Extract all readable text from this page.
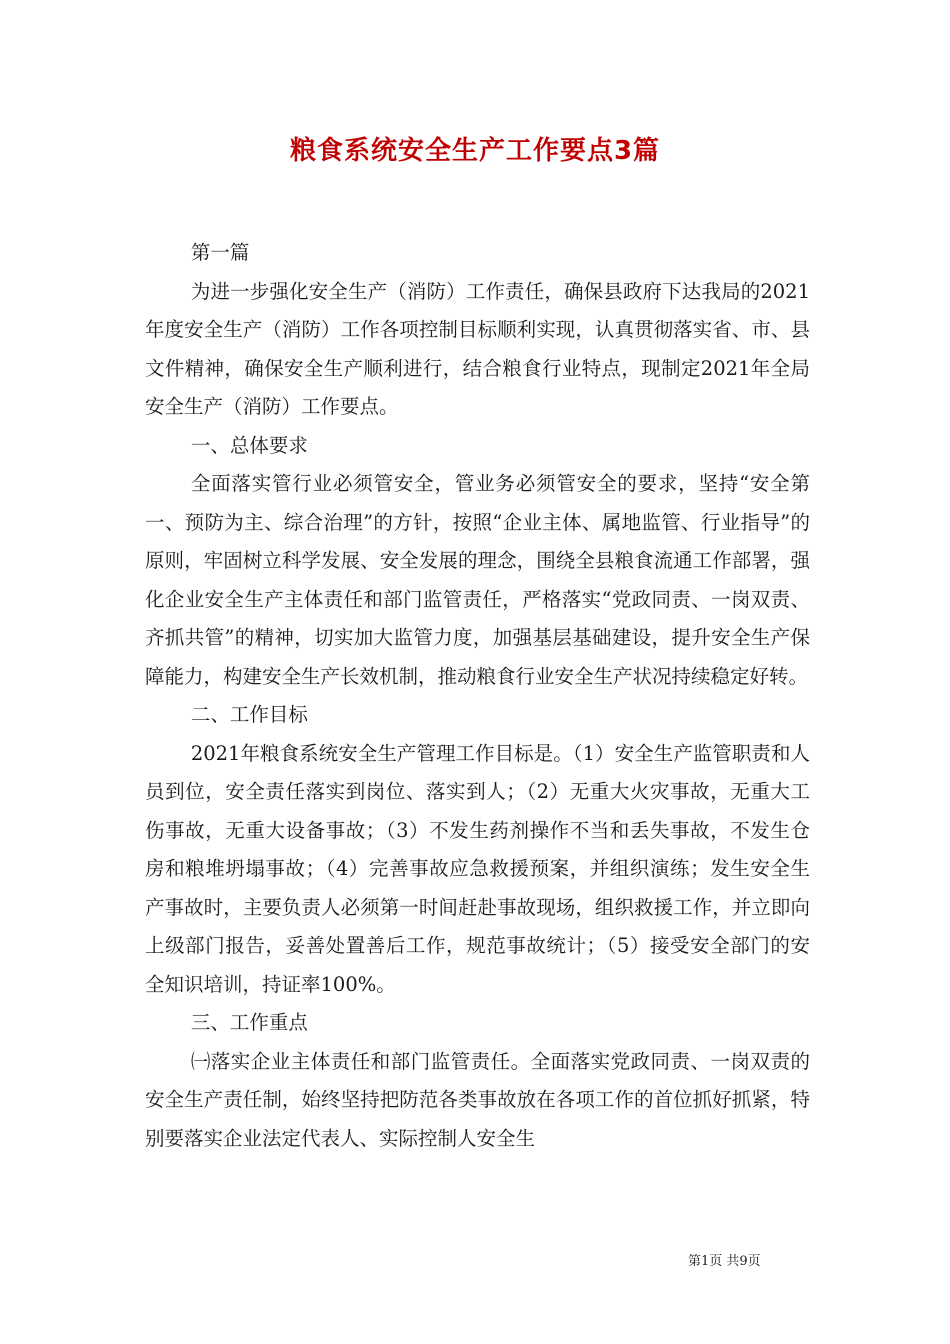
粮食系统安全生产工作要点3篇

第一篇

为进一步强化安全生产（消防）工作责任，确保县政府下达我局的2021年度安全生产（消防）工作各项控制目标顺利实现，认真贯彻落实省、市、县文件精神，确保安全生产顺利进行，结合粮食行业特点，现制定2021年全局安全生产（消防）工作要点。

一、总体要求

全面落实管行业必须管安全，管业务必须管安全的要求，坚持“安全第一、预防为主、综合治理”的方针，按照“企业主体、属地监管、行业指导”的原则，牢固树立科学发展、安全发展的理念，围绕全县粮食流通工作部署，强化企业安全生产主体责任和部门监管责任，严格落实“党政同责、一岗双责、齐抓共管”的精神，切实加大监管力度，加强基层基础建设，提升安全生产保障能力，构建安全生产长效机制，推动粮食行业安全生产状况持续稳定好转。

二、工作目标

2021年粮食系统安全生产管理工作目标是。（1）安全生产监管职责和人员到位，安全责任落实到岗位、落实到人；（2）无重大火灾事故，无重大工伤事故，无重大设备事故；（3）不发生药剂操作不当和丢失事故，不发生仓房和粮堆坍塌事故；（4）完善事故应急救援预案，并组织演练；发生安全生产事故时，主要负责人必须第一时间赶赴事故现场，组织救援工作，并立即向上级部门报告，妥善处置善后工作，规范事故统计；（5）接受安全部门的安全知识培训，持证率100%。

三、工作重点

㈠落实企业主体责任和部门监管责任。全面落实党政同责、一岗双责的安全生产责任制，始终坚持把防范各类事故放在各项工作的首位抓好抓紧，特别要落实企业法定代表人、实际控制人安全生

第1页 共9页
